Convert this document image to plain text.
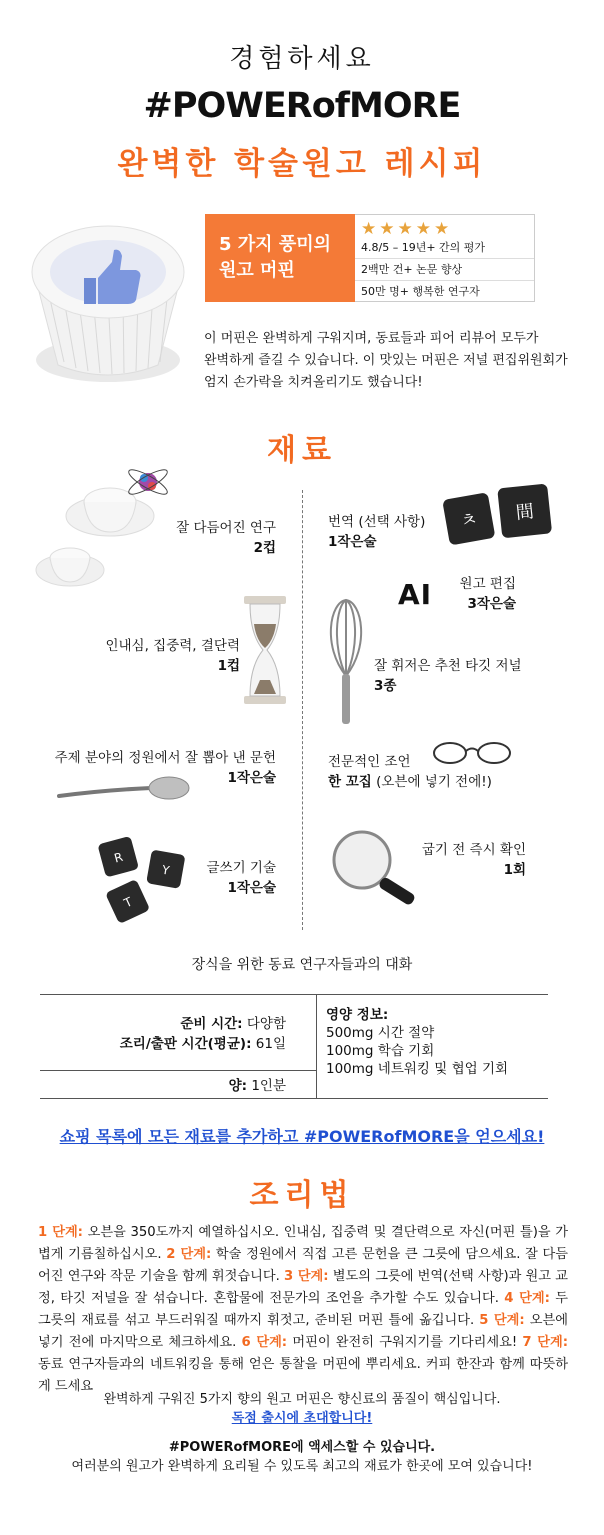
경험하세요
#POWERofMORE
완벽한 학술원고 레시피
5 가지 풍미의
원고 머핀
★★★★★
4.8/5 – 19년+ 간의 평가
2백만 건+ 논문 향상
50만 명+ 행복한 연구자
이 머핀은 완벽하게 구워지며, 동료들과 피어 리뷰어 모두가
완벽하게 즐길 수 있습니다. 이 맛있는 머핀은 저널 편집위원회가
엄지 손가락을 치켜올리기도 했습니다!
재료
잘 다듬어진 연구
2컵
인내심, 집중력, 결단력
1컵
주제 분야의 정원에서 잘 뽑아 낸 문헌
1작은술
R
Y
T
글쓰기 기술
1작은술
번역 (선택 사항)
1작은술
ㅊ 間
AI	원고 편집
3작은술
잘 휘저은 추천 타깃 저널
3종
전문적인 조언
한 꼬집 (오븐에 넣기 전에!)
굽기 전 즉시 확인
1회
장식을 위한 동료 연구자들과의 대화
준비 시간: 다양함
조리/출판 시간(평균): 61일
양: 1인분
영양 정보:
500mg 시간 절약
100mg 학습 기회
100mg 네트워킹 및 협업 기회
쇼핑 목록에 모든 재료를 추가하고 #POWERofMORE을 얻으세요!
조리법
1 단계: 오븐을 350도까지 예열하십시오. 인내심, 집중력 및 결단력으로 자신(머핀 틀)을 가볍게 기름칠하십시오. 2 단계: 학술 정원에서 직접 고른 문헌을 큰 그릇에 담으세요. 잘 다듬어진 연구와 작문 기술을 함께 휘젓습니다. 3 단계: 별도의 그릇에 번역(선택 사항)과 원고 교정, 타깃 저널을 잘 섞습니다. 혼합물에 전문가의 조언을 추가할 수도 있습니다. 4 단계: 두 그릇의 재료를 섞고 부드러워질 때까지 휘젓고, 준비된 머핀 틀에 옮깁니다. 5 단계: 오븐에 넣기 전에 마지막으로 체크하세요. 6 단계: 머핀이 완전히 구워지기를 기다리세요! 7 단계: 동료 연구자들과의 네트워킹을 통해 얻은 통찰을 머핀에 뿌리세요. 커피 한잔과 함께 따뜻하게 드세요
완벽하게 구워진 5가지 향의 원고 머핀은 향신료의 품질이 핵심입니다.
독점 출시에 초대합니다!
#POWERofMORE에 액세스할 수 있습니다.
여러분의 원고가 완벽하게 요리될 수 있도록 최고의 재료가 한곳에 모여 있습니다!
